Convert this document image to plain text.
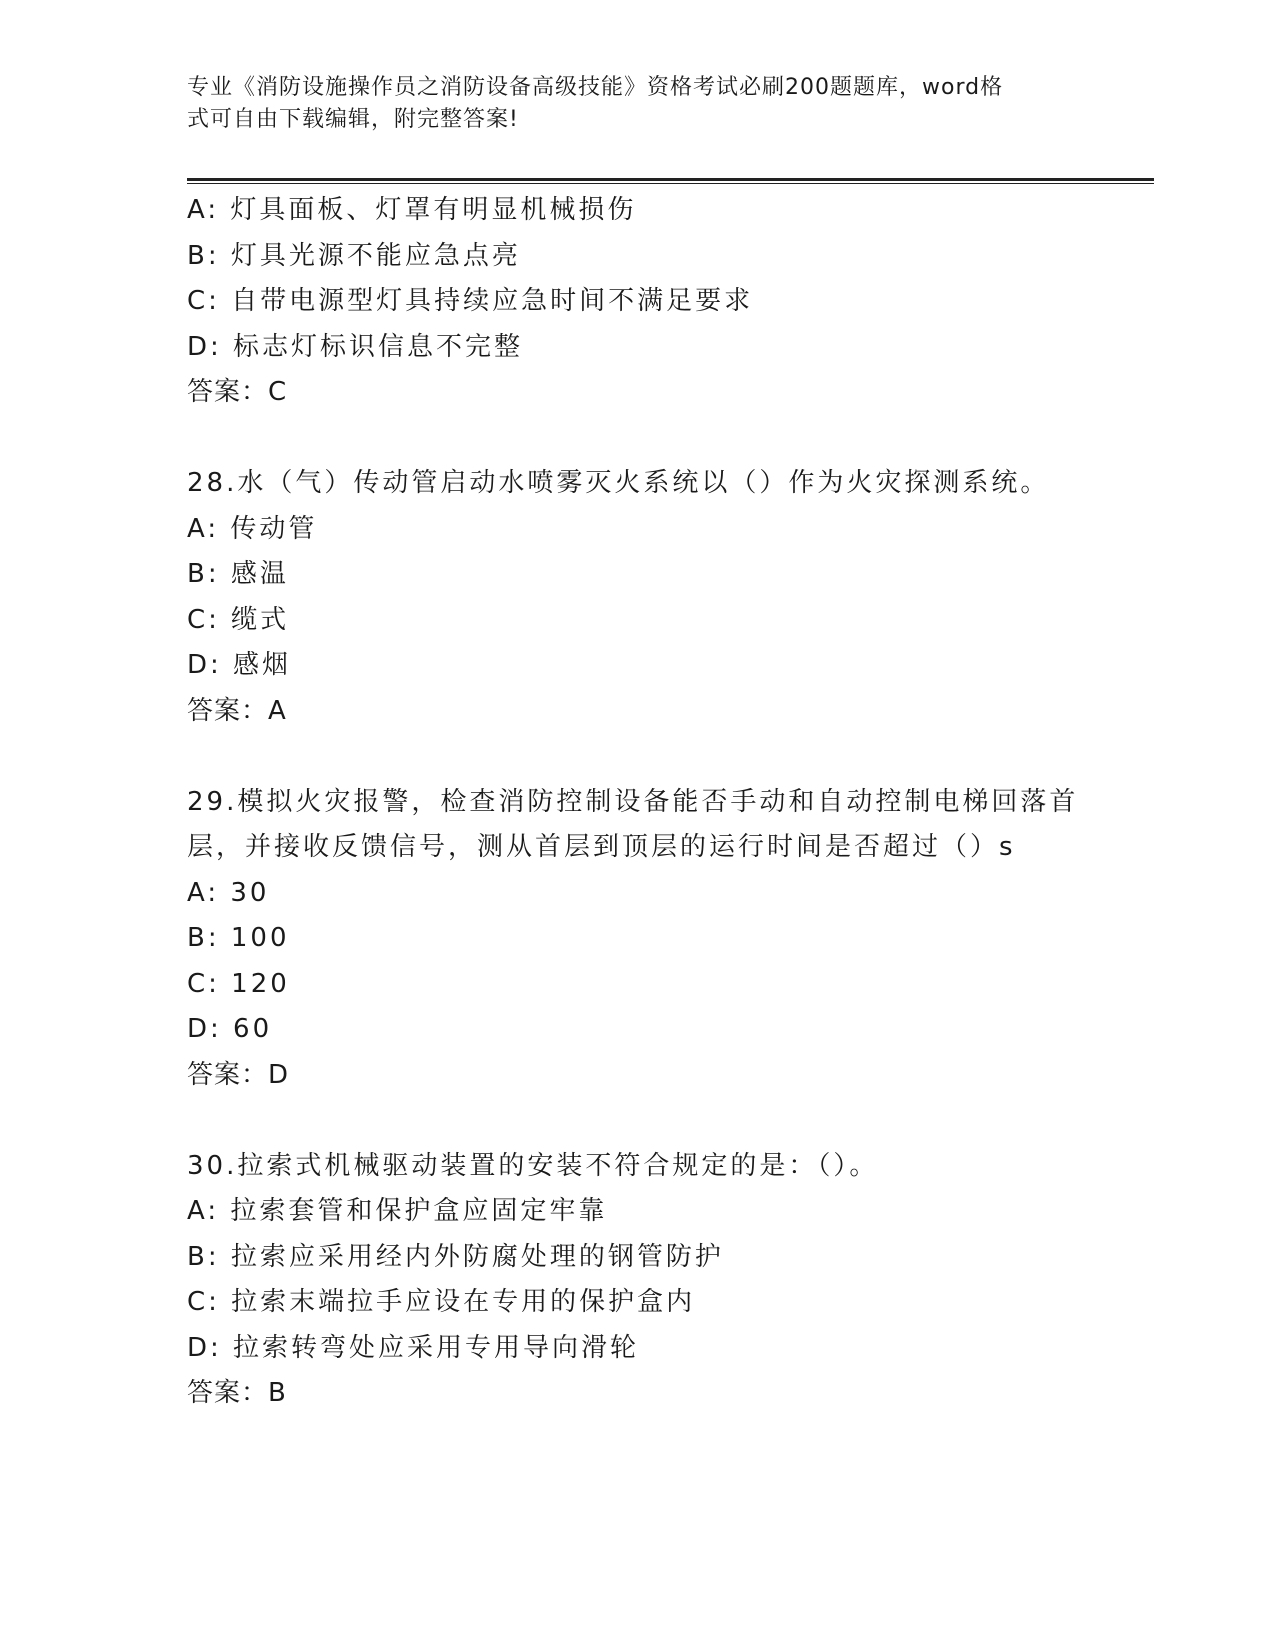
专业《消防设施操作员之消防设备高级技能》资格考试必刷200题题库，word格
式可自由下载编辑，附完整答案!
A: 灯具面板、灯罩有明显机械损伤
B: 灯具光源不能应急点亮
C: 自带电源型灯具持续应急时间不满足要求
D: 标志灯标识信息不完整
答案：C
28.水（气）传动管启动水喷雾灭火系统以（）作为火灾探测系统。
A: 传动管
B: 感温
C: 缆式
D: 感烟
答案：A
29.模拟火灾报警，检查消防控制设备能否手动和自动控制电梯回落首
层，并接收反馈信号，测从首层到顶层的运行时间是否超过（）s
A: 30
B: 100
C: 120
D: 60
答案：D
30.拉索式机械驱动装置的安装不符合规定的是：（）。
A: 拉索套管和保护盒应固定牢靠
B: 拉索应采用经内外防腐处理的钢管防护
C: 拉索末端拉手应设在专用的保护盒内
D: 拉索转弯处应采用专用导向滑轮
答案：B
